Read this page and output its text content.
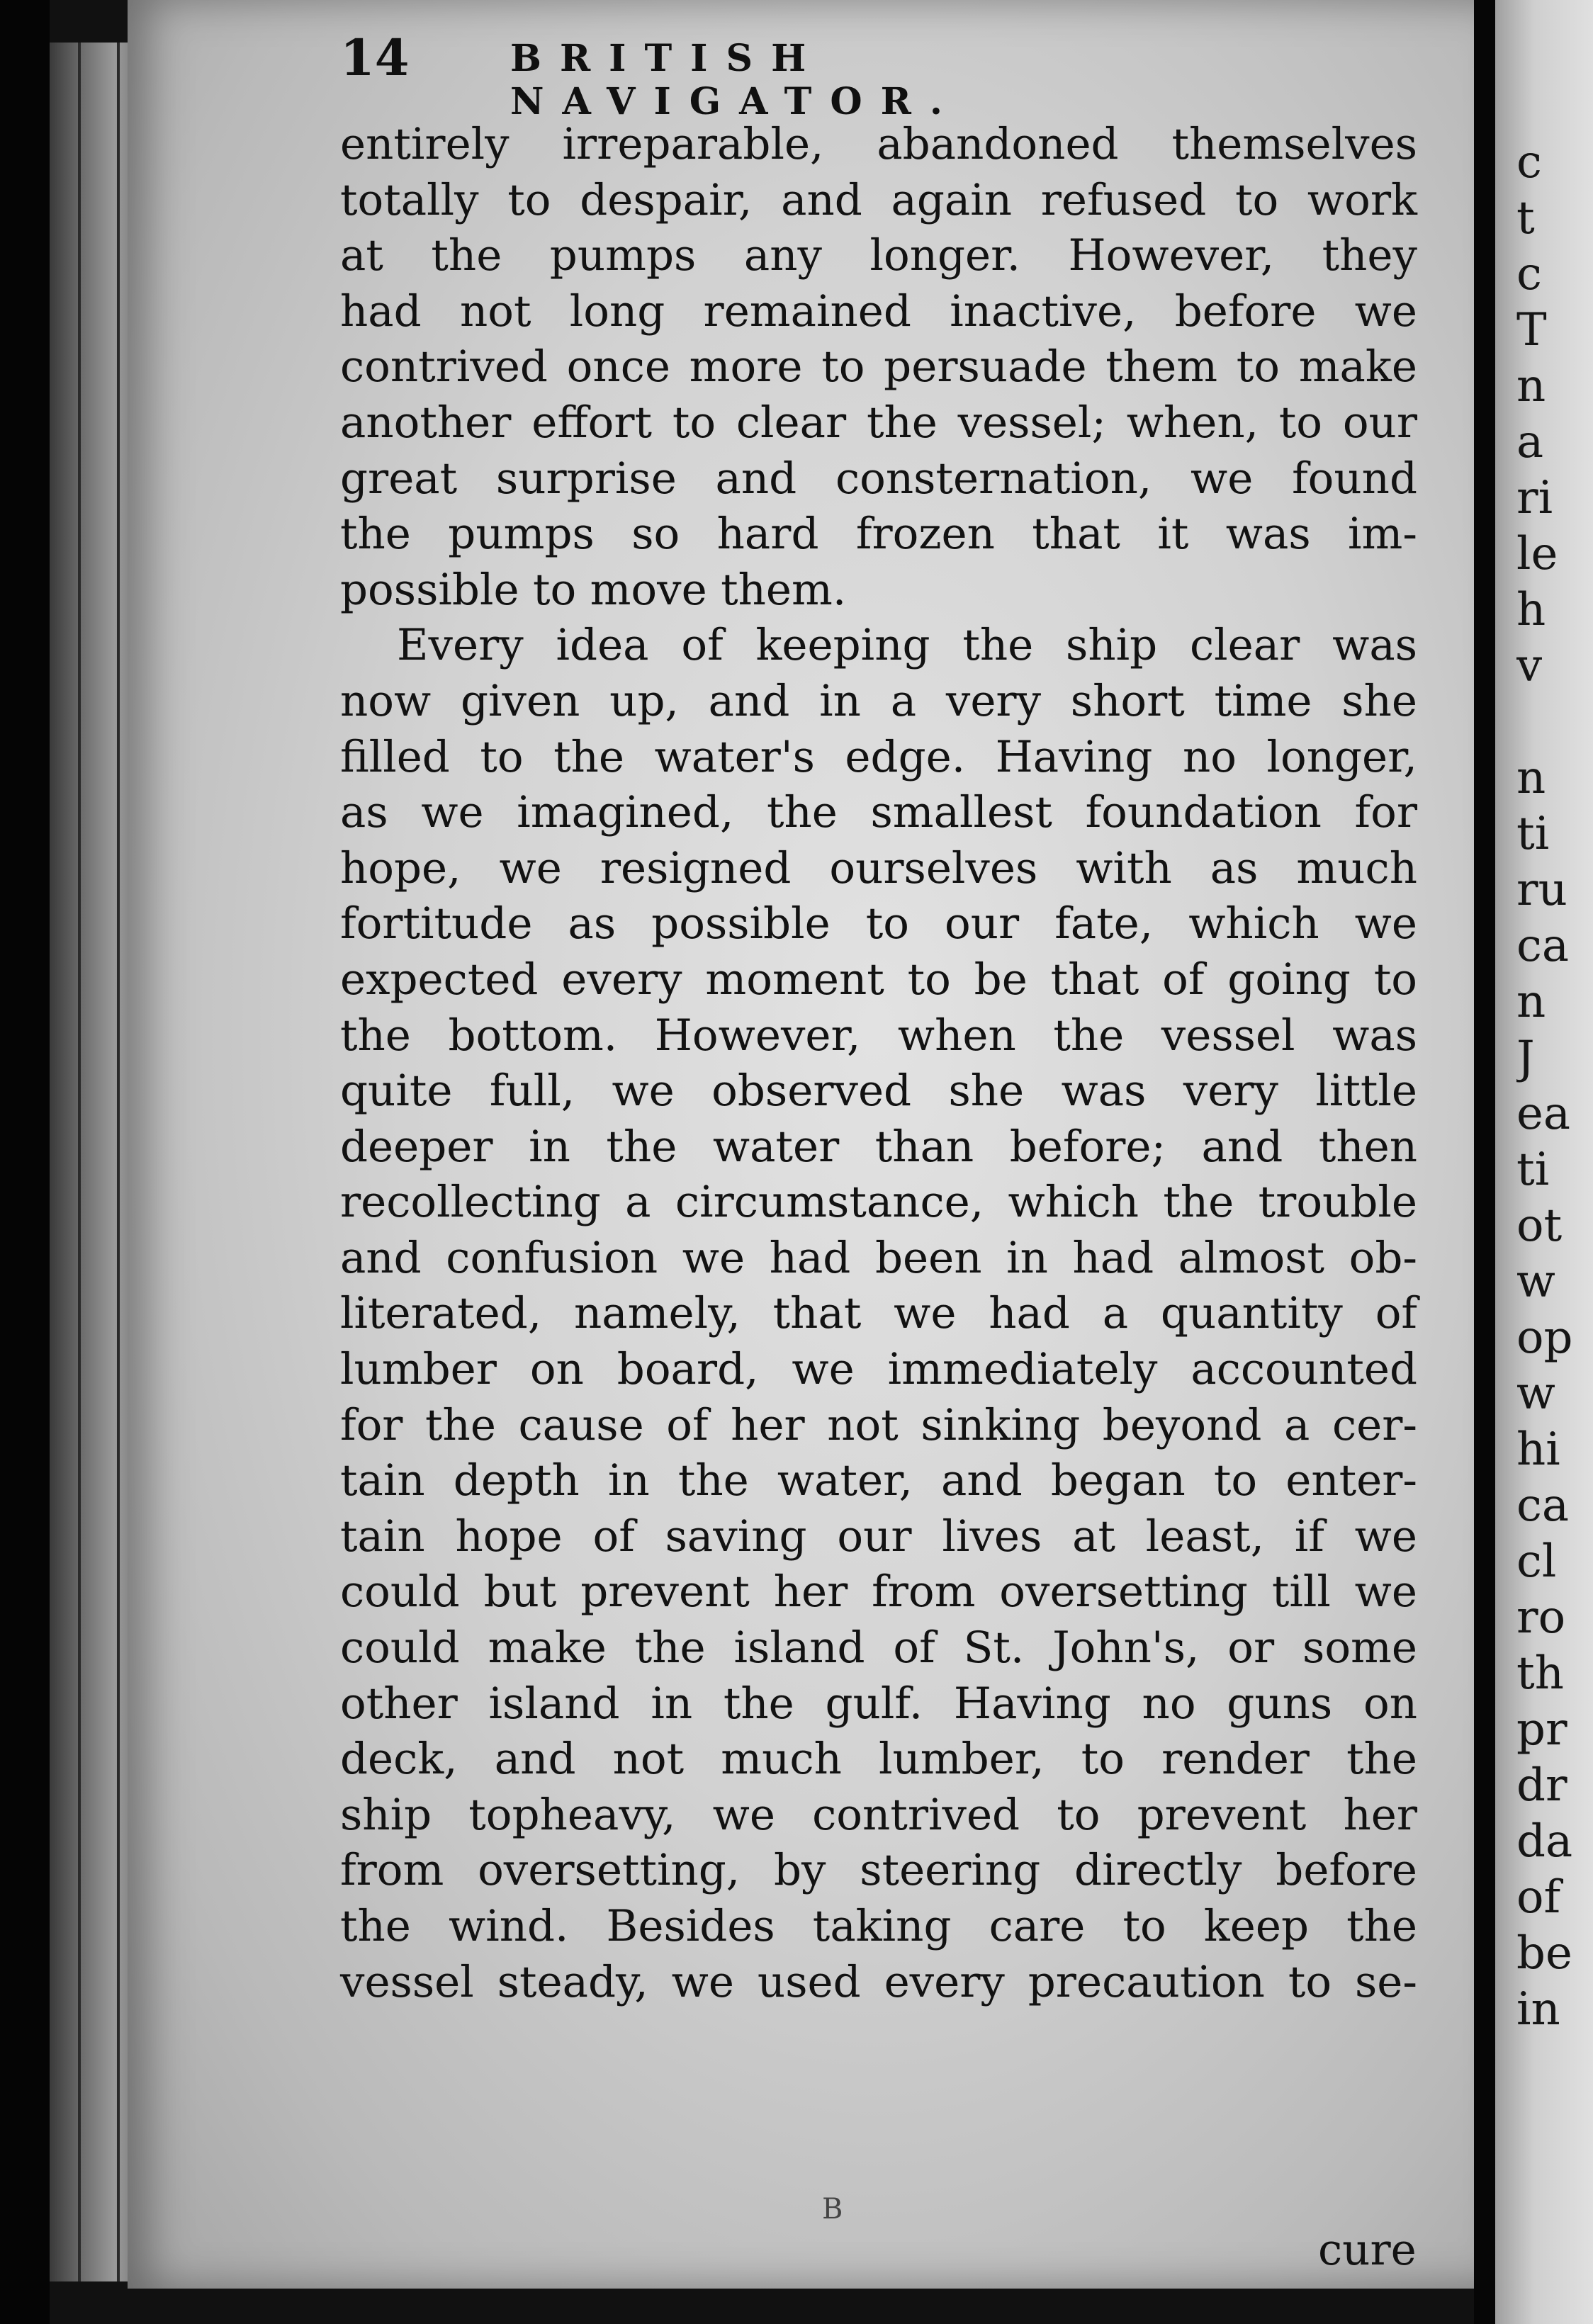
14	BRITISH NAVIGATOR.
entirely irreparable, abandoned themselves
totally to despair, and again refused to work
at the pumps any longer. However, they
had not long remained inactive, before we
contrived once more to persuade them to make
another effort to clear the vessel; when, to our
great surprise and consternation, we found
the pumps so hard frozen that it was im-
possible to move them.
Every idea of keeping the ship clear was
now given up, and in a very short time she
filled to the water's edge. Having no longer,
as we imagined, the smallest foundation for
hope, we resigned ourselves with as much
fortitude as possible to our fate, which we
expected every moment to be that of going to
the bottom. However, when the vessel was
quite full, we observed she was very little
deeper in the water than before; and then
recollecting a circumstance, which the trouble
and confusion we had been in had almost ob-
literated, namely, that we had a quantity of
lumber on board, we immediately accounted
for the cause of her not sinking beyond a cer-
tain depth in the water, and began to enter-
tain hope of saving our lives at least, if we
could but prevent her from oversetting till we
could make the island of St. John's, or some
other island in the gulf. Having no guns on
deck, and not much lumber, to render the
ship topheavy, we contrived to prevent her
from oversetting, by steering directly before
the wind. Besides taking care to keep the
vessel steady, we used every precaution to se-
B
cure
c
t
c
T
n
a
ri
le
h
v
n
ti
ru
ca
n
J
ea
ti
ot
w
op
w
hi
ca
cl
ro
th
pr
dr
da
of
be
in
